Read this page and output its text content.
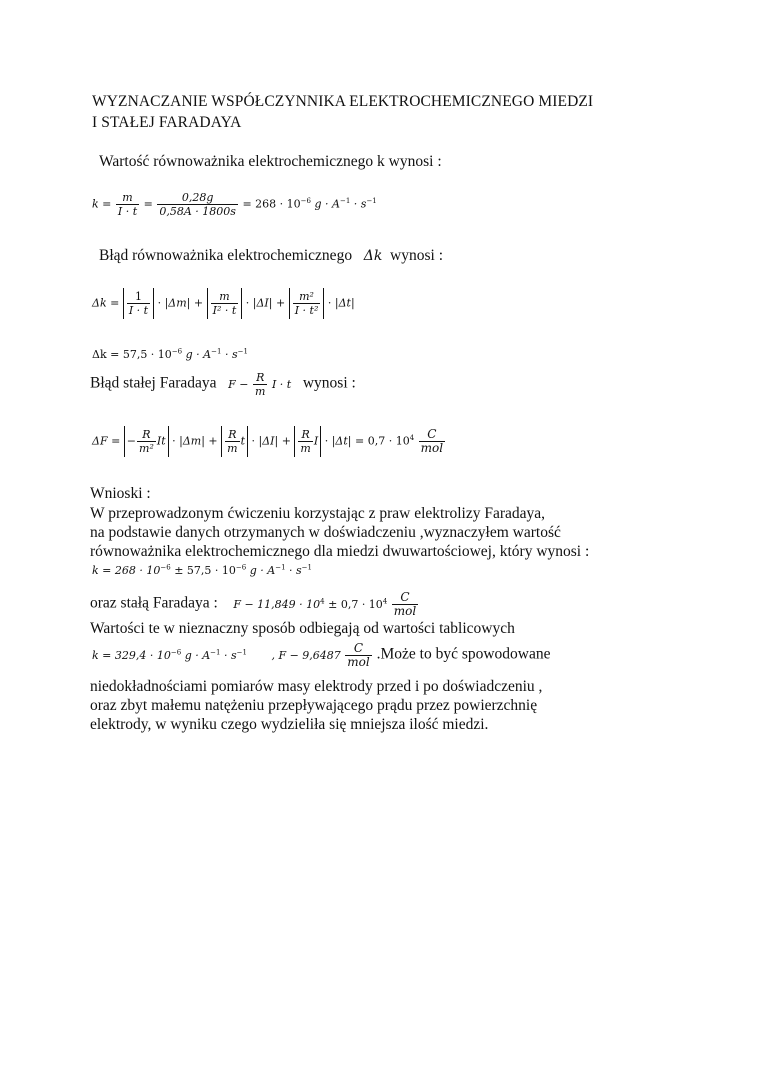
WYZNACZANIE WSPÓŁCZYNNIKA ELEKTROCHEMICZNEGO MIEDZI
I STAŁEJ FARADAYA
Wartość równoważnika elektrochemicznego k wynosi :
$k = \frac{m}{I \cdot t} = \frac{0,28g}{0,58A \cdot 1800s} = 268 \cdot 10^{-6}$ $g \cdot A^{-1} \cdot s^{-1}$
Błąd równoważnika elektrochemicznego Δk wynosi :
$\Delta k = \frac{1}{I \cdot t} \cdot |\Delta m| + \frac{m}{\text{I² · t}} \cdot |\Delta I| + \frac{\text{m²}}{\text{I · t²}} \cdot |\Delta t|$
$\Delta k = 57,5 \cdot 10^{-6}$ $g \cdot A^{-1} \cdot s^{-1}$
Błąd stałej Faradaya $F - \frac{R}{m}$ I · t wynosi :
ΔF = − $\frac{R}{\text{m²}}$ $It \cdot |\Delta m| + \frac{R}{m}$ $t \cdot |\Delta I| + \frac{R}{m}$ $I \cdot |\Delta t| = 0,7 \cdot 10^4 \frac{C}{\text{mol}}$
Wnioski :
W przeprowadzonym ćwiczeniu korzystając z praw elektrolizy Faradaya,
na podstawie danych otrzymanych w doświadczeniu ,wyznaczyłem wartość
równoważnika elektrochemicznego dla miedzi dwuwartościowej, który wynosi :
$k = 268 \cdot 10^{-6} \pm 57,5 \cdot 10^{-6}$ $g \cdot A^{-1} \cdot s^{-1}$
oraz stałą Faradaya : $F - 11,849 \cdot 10^4 \pm 0,7 \cdot 10^4 \frac{C}{\text{mol}}$
Wartości te w nieznaczny sposób odbiegają od wartości tablicowych
$k = 329,4 \cdot 10^{-6}$ $g \cdot A^{-1} \cdot s^{-1}$ , $F - 9,6487 \frac{C}{\text{mol}}$ .Może to być spowodowane
niedokładnościami pomiarów masy elektrody przed i po doświadczeniu ,
oraz zbyt małemu natężeniu przepływającego prądu przez powierzchnię
elektrody, w wyniku czego wydzieliła się mniejsza ilość miedzi.
